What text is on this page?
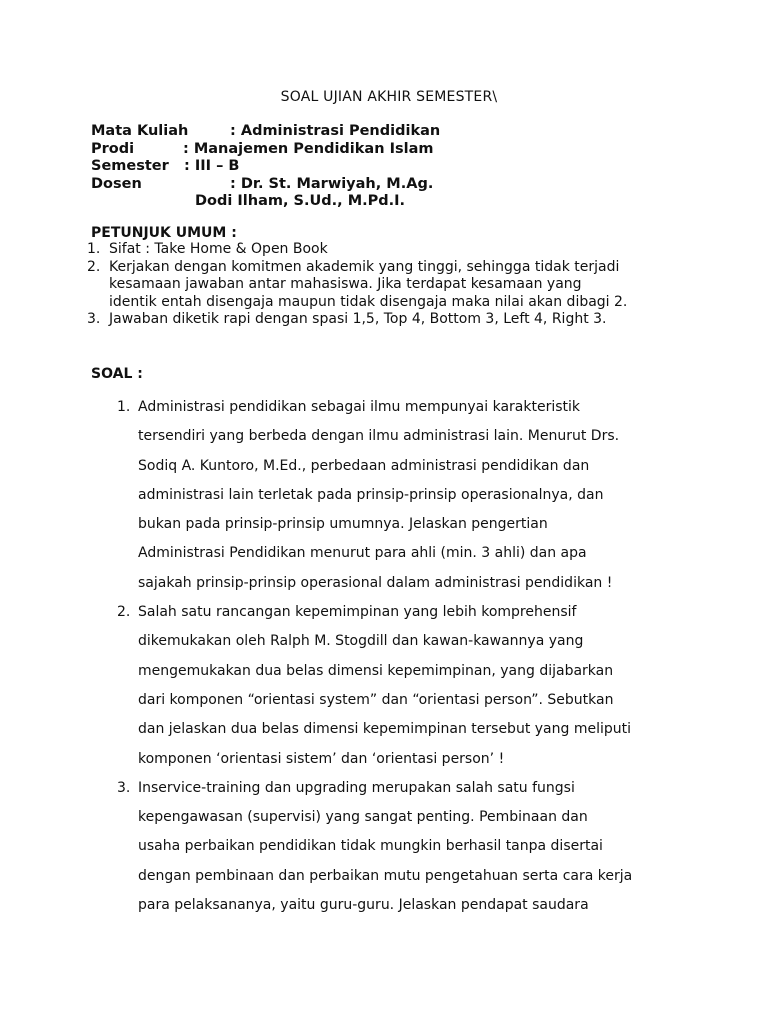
SOAL UJIAN AKHIR SEMESTER\
Mata Kuliah	: Administrasi Pendidikan
Prodi	: Manajemen Pendidikan Islam
Semester : III – B
Dosen	: Dr. St. Marwiyah, M.Ag.
Dodi Ilham, S.Ud., M.Pd.I.
PETUNJUK UMUM :
1. Sifat : Take Home & Open Book
2. Kerjakan dengan komitmen akademik yang tinggi, sehingga tidak terjadi
kesamaan jawaban antar mahasiswa. Jika terdapat kesamaan yang
identik entah disengaja maupun tidak disengaja maka nilai akan dibagi 2.
3. Jawaban diketik rapi dengan spasi 1,5, Top 4, Bottom 3, Left 4, Right 3.
SOAL :
1. Administrasi pendidikan sebagai ilmu mempunyai karakteristik
tersendiri yang berbeda dengan ilmu administrasi lain. Menurut Drs.
Sodiq A. Kuntoro, M.Ed., perbedaan administrasi pendidikan dan
administrasi lain terletak pada prinsip-prinsip operasionalnya, dan
bukan pada prinsip-prinsip umumnya. Jelaskan pengertian
Administrasi Pendidikan menurut para ahli (min. 3 ahli) dan apa
sajakah prinsip-prinsip operasional dalam administrasi pendidikan !
2. Salah satu rancangan kepemimpinan yang lebih komprehensif
dikemukakan oleh Ralph M. Stogdill dan kawan-kawannya yang
mengemukakan dua belas dimensi kepemimpinan, yang dijabarkan
dari komponen “orientasi system” dan “orientasi person”. Sebutkan
dan jelaskan dua belas dimensi kepemimpinan tersebut yang meliputi
komponen ‘orientasi sistem’ dan ‘orientasi person’ !
3. Inservice-training dan upgrading merupakan salah satu fungsi
kepengawasan (supervisi) yang sangat penting. Pembinaan dan
usaha perbaikan pendidikan tidak mungkin berhasil tanpa disertai
dengan pembinaan dan perbaikan mutu pengetahuan serta cara kerja
para pelaksananya, yaitu guru-guru. Jelaskan pendapat saudara
